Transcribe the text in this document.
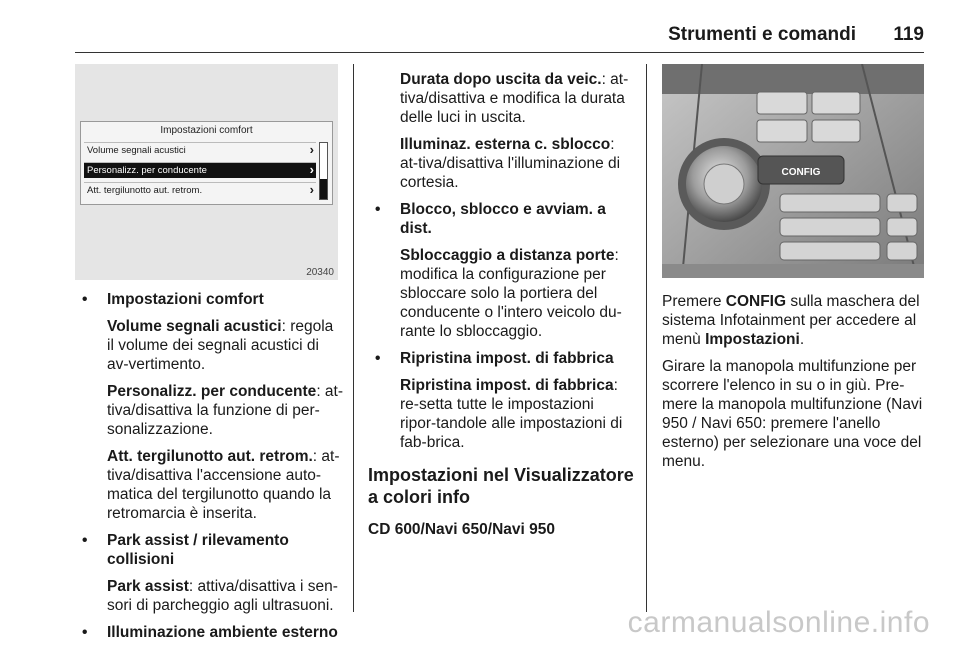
Strumenti e comandi 119
Impostazioni comfort
Volume segnali acustici	›
Personalizz. per conducente	›
Att. tergilunotto aut. retrom.	›
20340
• Impostazioni comfort

Volume segnali acustici: regola il volume dei segnali acustici di av-vertimento.

Personalizz. per conducente: at-tiva/disattiva la funzione di per-sonalizzazione.

Att. tergilunotto aut. retrom.: at-tiva/disattiva l'accensione auto-matica del tergilunotto quando la retromarcia è inserita.

• Park assist / rilevamento collisioni

Park assist: attiva/disattiva i sen-sori di parcheggio agli ultrasuoni.

• Illuminazione ambiente esterno

Durata dopo uscita da veic.: at-tiva/disattiva e modifica la durata delle luci in uscita.

Illuminaz. esterna c. sblocco: at-tiva/disattiva l'illuminazione di cortesia.

• Blocco, sblocco e avviam. a dist.

Sbloccaggio a distanza porte: modifica la configurazione per sbloccare solo la portiera del conducente o l'intero veicolo du-rante lo sbloccaggio.

• Ripristina impost. di fabbrica

Ripristina impost. di fabbrica: re-setta tutte le impostazioni ripor-tandole alle impostazioni di fab-brica.

Impostazioni nel Visualizzatore a colori info
CD 600/Navi 650/Navi 950
CONFIG

Premere CONFIG sulla maschera del sistema Infotainment per accedere al menù Impostazioni.

Girare la manopola multifunzione per scorrere l'elenco in su o in giù. Pre-mere la manopola multifunzione (Navi 950 / Navi 650: premere l'anello esterno) per selezionare una voce del menu.

carmanualsonline.info
